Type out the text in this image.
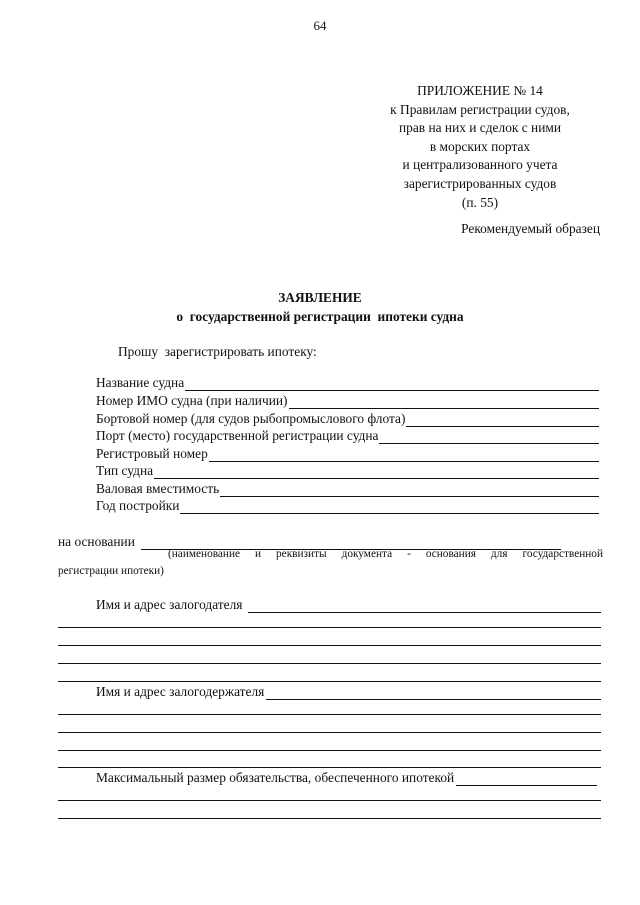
64
ПРИЛОЖЕНИЕ № 14
к Правилам регистрации судов,
прав на них и сделок с ними
в морских портах
и централизованного учета
зарегистрированных судов
(п. 55)
Рекомендуемый образец
ЗАЯВЛЕНИЕ
о  государственной регистрации  ипотеки судна
Прошу  зарегистрировать ипотеку:
Название судна
Номер ИМО судна (при наличии)
Бортовой номер (для судов рыбопромыслового флота)
Порт (место) государственной регистрации судна
Регистровый номер
Тип судна
Валовая вместимость
Год постройки
на основании
(наименование и реквизиты документа - основания для государственной
регистрации ипотеки)
Имя и адрес залогодателя
Имя и адрес залогодержателя
Максимальный размер обязательства, обеспеченного ипотекой
